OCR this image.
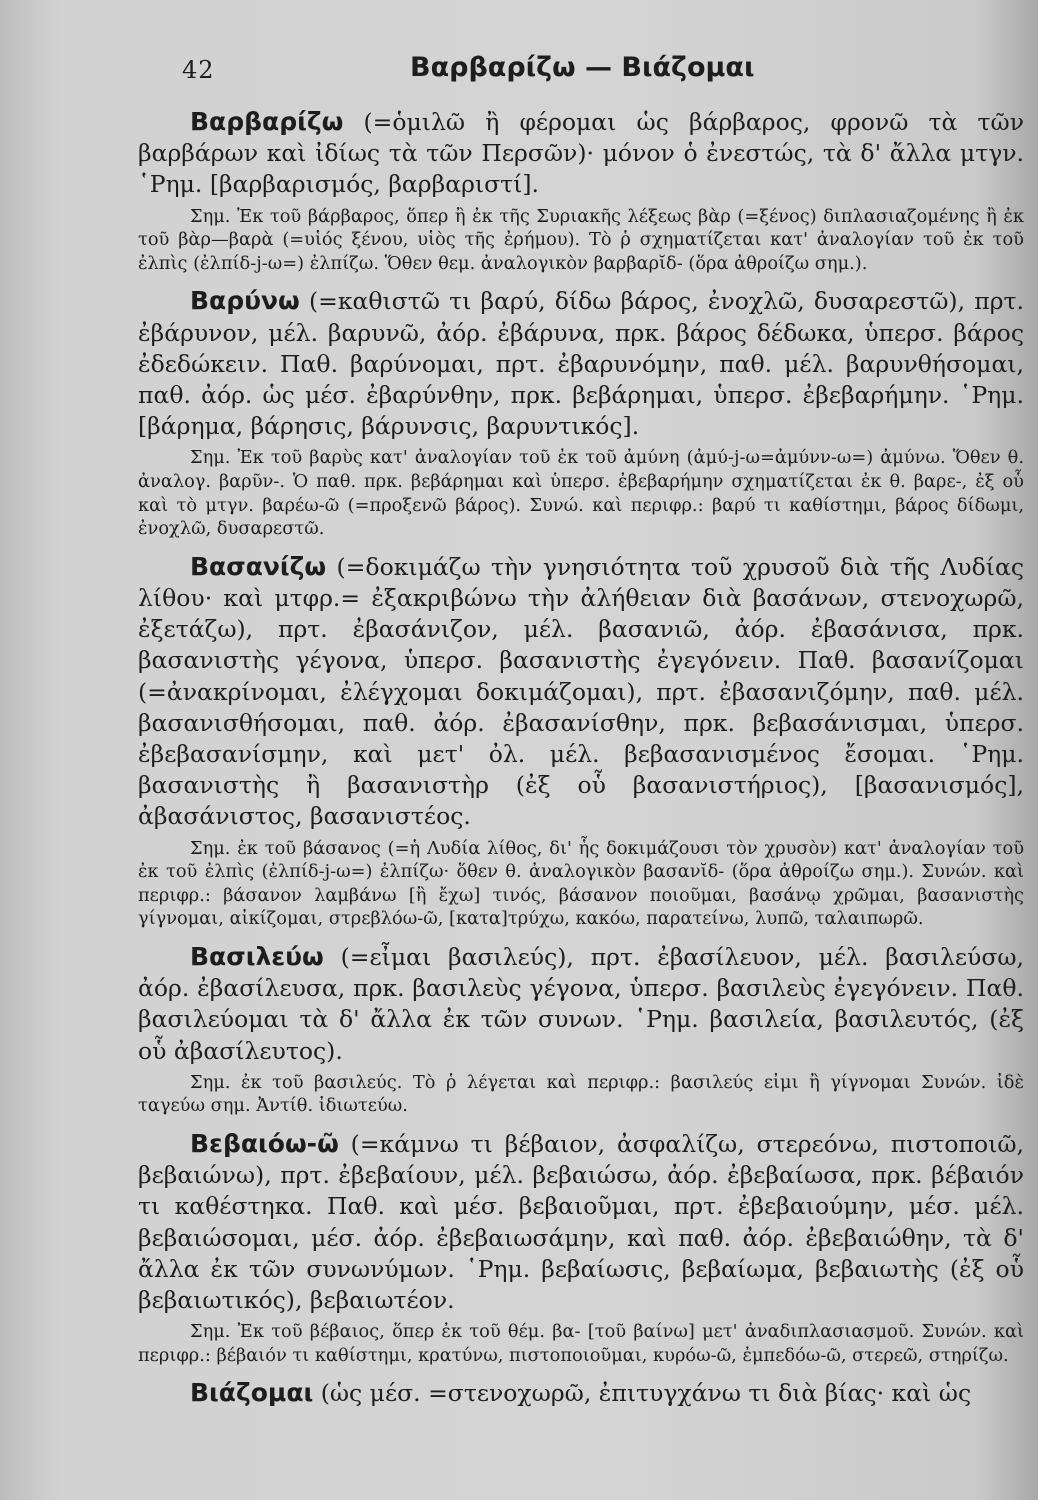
42	Βαρβαρίζω — Βιάζομαι

Βαρβαρίζω (=ὁμιλῶ ἢ φέρομαι ὡς βάρβαρος, φρονῶ τὰ τῶν βαρβάρων καὶ ἰδίως τὰ τῶν Περσῶν)· μόνον ὁ ἐνεστώς, τὰ δ' ἄλλα μτγν. ῾Ρημ. [βαρβαρισμός, βαρβαριστί].

Σημ. Ἐκ τοῦ βάρβαρος, ὅπερ ἢ ἐκ τῆς Συριακῆς λέξεως βὰρ (=ξένος) διπλασιαζομένης ἢ ἐκ τοῦ βὰρ—βαρὰ (=υἱός ξένου, υἱὸς τῆς ἐρήμου). Τὸ ῥ σχηματίζεται κατ' ἀναλογίαν τοῦ ἐκ τοῦ ἐλπὶς (ἐλπίδ-j-ω=) ἐλπίζω. Ὅθεν θεμ. ἀναλογικὸν βαρβαρῐδ- (ὅρα ἀθροίζω σημ.).

Βαρύνω (=καθιστῶ τι βαρύ, δίδω βάρος, ἐνοχλῶ, δυσαρεστῶ), πρτ. ἐβάρυνον, μέλ. βαρυνῶ, ἀόρ. ἐβάρυνα, πρκ. βάρος δέδωκα, ὑπερσ. βάρος ἐδεδώκειν. Παθ. βαρύνομαι, πρτ. ἐβαρυνόμην, παθ. μέλ. βαρυνθήσομαι, παθ. ἀόρ. ὡς μέσ. ἐβαρύνθην, πρκ. βεβάρημαι, ὑπερσ. ἐβεβαρήμην. ῾Ρημ. [βάρημα, βάρησις, βάρυνσις, βαρυντικός].

Σημ. Ἐκ τοῦ βαρὺς κατ' ἀναλογίαν τοῦ ἐκ τοῦ ἀμύνη (ἀμύ-j-ω=ἀμύνν-ω=) ἀμύνω. Ὅθεν θ. ἀναλογ. βαρῦν-. Ὁ παθ. πρκ. βεβάρημαι καὶ ὑπερσ. ἐβεβαρήμην σχηματίζεται ἐκ θ. βαρε-, ἐξ οὗ καὶ τὸ μτγν. βαρέω-ῶ (=προξενῶ βάρος). Συνώ. καὶ περιφρ.: βαρύ τι καθίστημι, βάρος δίδωμι, ἐνοχλῶ, δυσαρεστῶ.

Βασανίζω (=δοκιμάζω τὴν γνησιότητα τοῦ χρυσοῦ διὰ τῆς Λυδίας λίθου· καὶ μτφρ.= ἐξακριβώνω τὴν ἀλήθειαν διὰ βασάνων, στενοχωρῶ, ἐξετάζω), πρτ. ἐβασάνιζον, μέλ. βασανιῶ, ἀόρ. ἐβασάνισα, πρκ. βασανιστὴς γέγονα, ὑπερσ. βασανιστὴς ἐγεγόνειν. Παθ. βασανίζομαι (=ἀνακρίνομαι, ἐλέγχομαι δοκιμάζομαι), πρτ. ἐβασανιζόμην, παθ. μέλ. βασανισθήσομαι, παθ. ἀόρ. ἐβασανίσθην, πρκ. βεβασάνισμαι, ὑπερσ. ἐβεβασανίσμην, καὶ μετ' ὀλ. μέλ. βεβασανισμένος ἔσομαι. ῾Ρημ. βασανιστὴς ἢ βασανιστὴρ (ἐξ οὗ βασανιστήριος), [βασανισμός], ἀβασάνιστος, βασανιστέος.

Σημ. ἐκ τοῦ βάσανος (=ἡ Λυδία λίθος, δι' ἧς δοκιμάζουσι τὸν χρυσὸν) κατ' ἀναλογίαν τοῦ ἐκ τοῦ ἐλπὶς (ἐλπίδ-j-ω=) ἐλπίζω· ὅθεν θ. ἀναλογικὸν βασανῐδ- (ὅρα ἀθροίζω σημ.). Συνών. καὶ περιφρ.: βάσανον λαμβάνω [ἢ ἔχω] τινός, βάσανον ποιοῦμαι, βασάνῳ χρῶμαι, βασανιστὴς γίγνομαι, αἰκίζομαι, στρεβλόω-ῶ, [κατα]τρύχω, κακόω, παρατείνω, λυπῶ, ταλαιπωρῶ.

Βασιλεύω (=εἶμαι βασιλεύς), πρτ. ἐβασίλευον, μέλ. βασιλεύσω, ἀόρ. ἐβασίλευσα, πρκ. βασιλεὺς γέγονα, ὑπερσ. βασιλεὺς ἐγεγόνειν. Παθ. βασιλεύομαι τὰ δ' ἄλλα ἐκ τῶν συνων. ῾Ρημ. βασιλεία, βασιλευτός, (ἐξ οὗ ἀβασίλευτος).

Σημ. ἐκ τοῦ βασιλεύς. Τὸ ῥ λέγεται καὶ περιφρ.: βασιλεύς εἰμι ἢ γίγνομαι Συνών. ἰδὲ ταγεύω σημ. Ἀντίθ. ἰδιωτεύω.

Βεβαιόω-ῶ (=κάμνω τι βέβαιον, ἀσφαλίζω, στερεόνω, πιστοποιῶ, βεβαιώνω), πρτ. ἐβεβαίουν, μέλ. βεβαιώσω, ἀόρ. ἐβεβαίωσα, πρκ. βέβαιόν τι καθέστηκα. Παθ. καὶ μέσ. βεβαιοῦμαι, πρτ. ἐβεβαιούμην, μέσ. μέλ. βεβαιώσομαι, μέσ. ἀόρ. ἐβεβαιωσάμην, καὶ παθ. ἀόρ. ἐβεβαιώθην, τὰ δ' ἄλλα ἐκ τῶν συνωνύμων. ῾Ρημ. βεβαίωσις, βεβαίωμα, βεβαιωτὴς (ἐξ οὗ βεβαιωτικός), βεβαιωτέον.

Σημ. Ἐκ τοῦ βέβαιος, ὅπερ ἐκ τοῦ θέμ. βα- [τοῦ βαίνω] μετ' ἀναδιπλασιασμοῦ. Συνών. καὶ περιφρ.: βέβαιόν τι καθίστημι, κρατύνω, πιστοποιοῦμαι, κυρόω-ῶ, ἐμπεδόω-ῶ, στερεῶ, στηρίζω.

Βιάζομαι (ὡς μέσ. =στενοχωρῶ, ἐπιτυγχάνω τι διὰ βίας· καὶ ὡς
